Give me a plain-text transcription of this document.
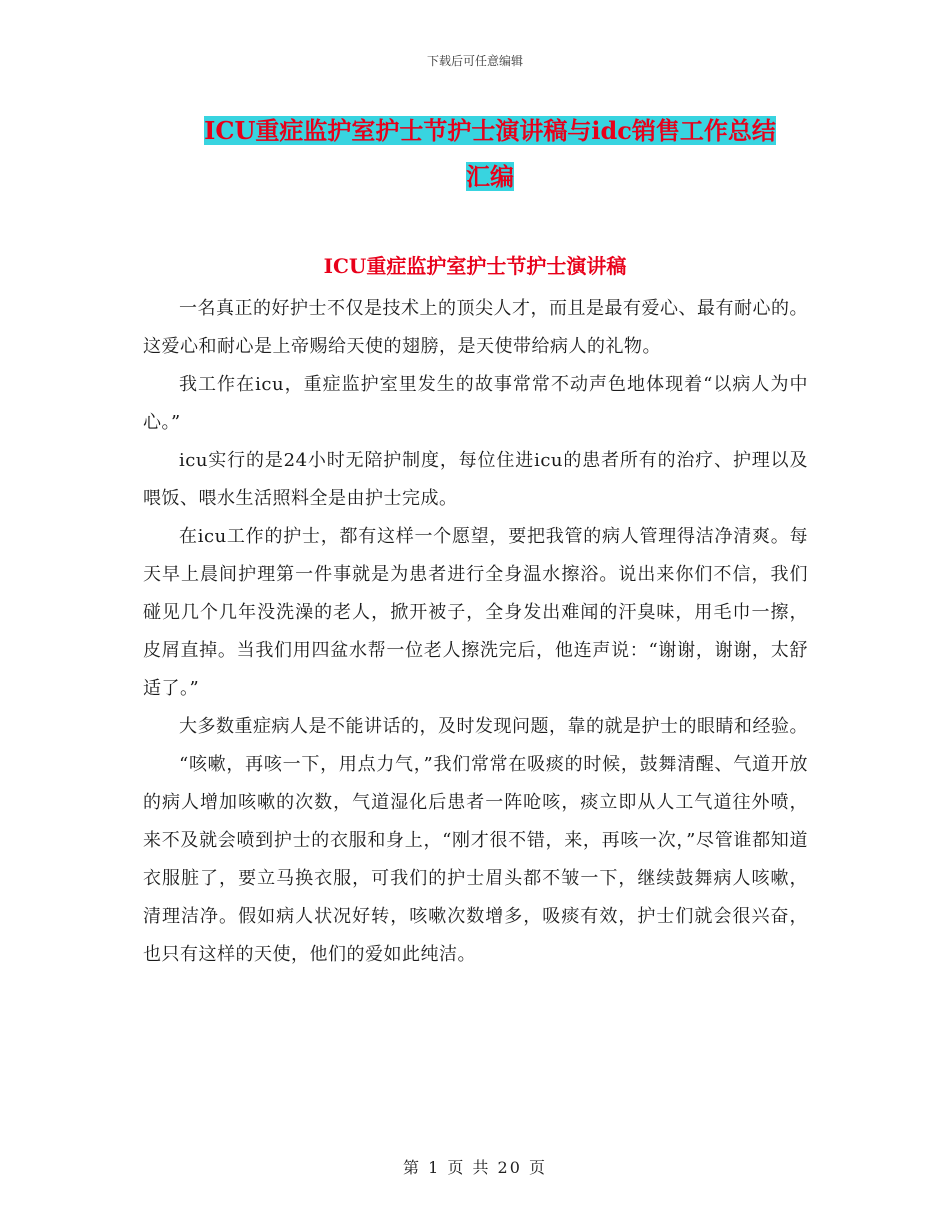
下载后可任意编辑
ICU重症监护室护士节护士演讲稿与idc销售工作总结
汇编
ICU重症监护室护士节护士演讲稿

一名真正的好护士不仅是技术上的顶尖人才，而且是最有爱心、最有耐心的。这爱心和耐心是上帝赐给天使的翅膀，是天使带给病人的礼物。

我工作在icu，重症监护室里发生的故事常常不动声色地体现着“以病人为中心。”

icu实行的是24小时无陪护制度，每位住进icu的患者所有的治疗、护理以及喂饭、喂水生活照料全是由护士完成。

在icu工作的护士，都有这样一个愿望，要把我管的病人管理得洁净清爽。每天早上晨间护理第一件事就是为患者进行全身温水擦浴。说出来你们不信，我们碰见几个几年没洗澡的老人，掀开被子，全身发出难闻的汗臭味，用毛巾一擦，皮屑直掉。当我们用四盆水帮一位老人擦洗完后，他连声说：“谢谢，谢谢，太舒适了。”

大多数重症病人是不能讲话的，及时发现问题，靠的就是护士的眼睛和经验。

“咳嗽，再咳一下，用点力气，”我们常常在吸痰的时候，鼓舞清醒、气道开放的病人增加咳嗽的次数，气道湿化后患者一阵呛咳，痰立即从人工气道往外喷，来不及就会喷到护士的衣服和身上，“刚才很不错，来，再咳一次，”尽管谁都知道衣服脏了，要立马换衣服，可我们的护士眉头都不皱一下，继续鼓舞病人咳嗽，清理洁净。假如病人状况好转，咳嗽次数增多，吸痰有效，护士们就会很兴奋，也只有这样的天使，他们的爱如此纯洁。

第 1 页 共 20 页
